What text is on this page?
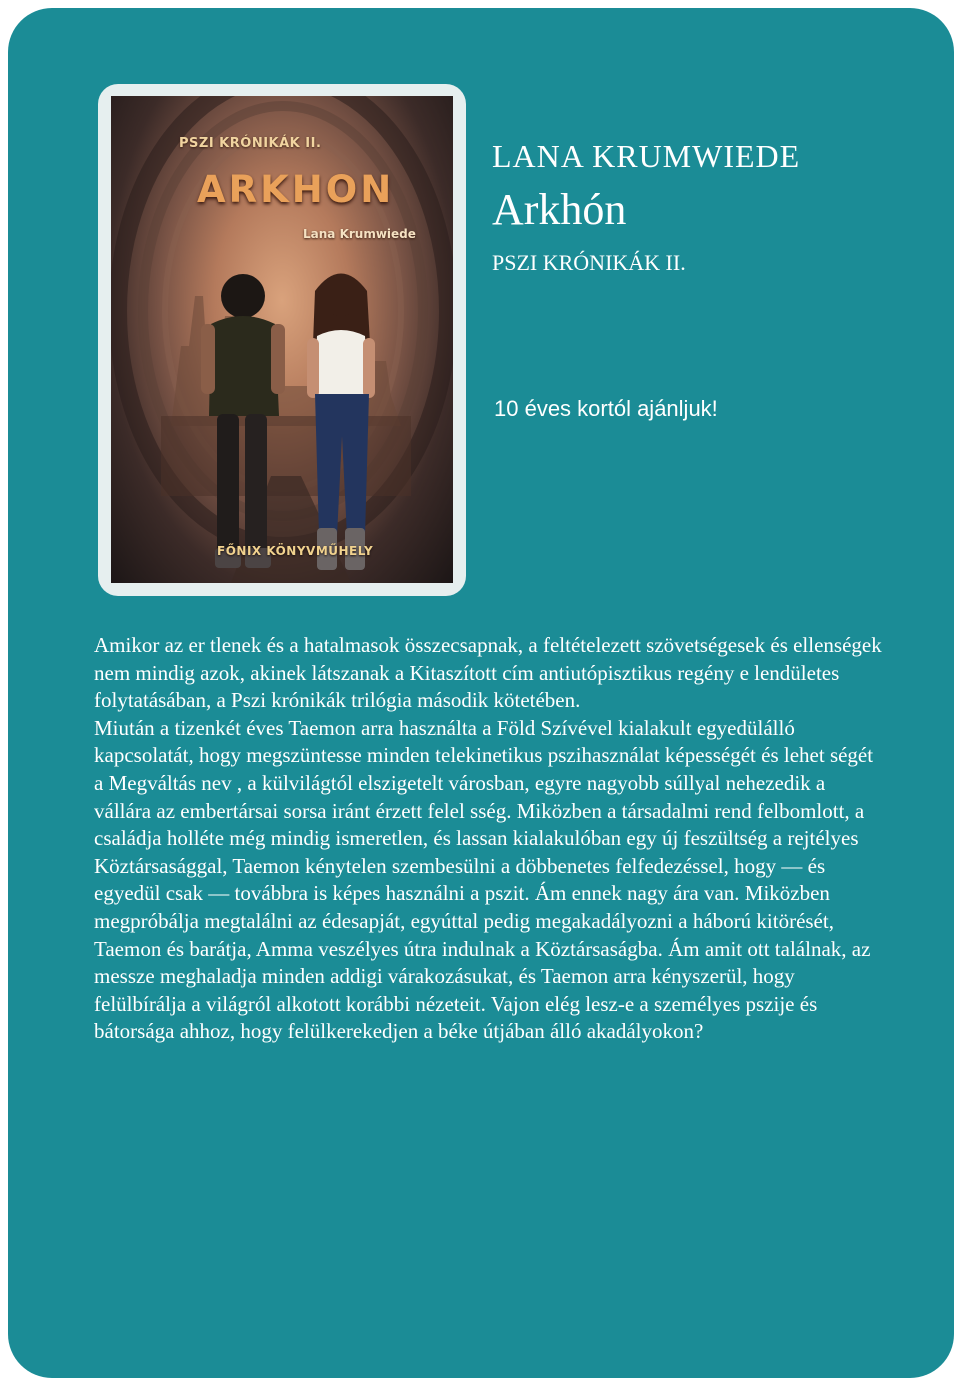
PSZI KRÓNIKÁK II.
ARKHON
Lana Krumwiede
FŐNIX KÖNYVMŰHELY
LANA KRUMWIEDE
Arkhón
PSZI KRÓNIKÁK II.
10 éves kortól ajánljuk!

Amikor az er tlenek és a hatalmasok összecsapnak, a feltételezett szövetségesek és ellenségek nem mindig azok, akinek látszanak a Kitaszított cím antiutópisztikus regény e lendületes folytatásában, a Pszi krónikák trilógia második kötetében.

Miután a tizenkét éves Taemon arra használta a Föld Szívével kialakult egyedülálló kapcsolatát, hogy megszüntesse minden telekinetikus pszihasználat képességét és lehet ségét a Megváltás nev , a külvilágtól elszigetelt városban, egyre nagyobb súllyal nehezedik a vállára az embertársai sorsa iránt érzett felel sség. Miközben a társadalmi rend felbomlott, a családja holléte még mindig ismeretlen, és lassan kialakulóban egy új feszültség a rejtélyes Köztársasággal, Taemon kénytelen szembesülni a döbbenetes felfedezéssel, hogy — és egyedül csak — továbbra is képes használni a pszit. Ám ennek nagy ára van. Miközben megpróbálja megtalálni az édesapját, egyúttal pedig megakadályozni a háború kitörését, Taemon és barátja, Amma veszélyes útra indulnak a Köztársaságba. Ám amit ott találnak, az messze meghaladja minden addigi várakozásukat, és Taemon arra kényszerül, hogy felülbírálja a világról alkotott korábbi nézeteit. Vajon elég lesz-e a személyes pszije és bátorsága ahhoz, hogy felülkerekedjen a béke útjában álló akadályokon?
